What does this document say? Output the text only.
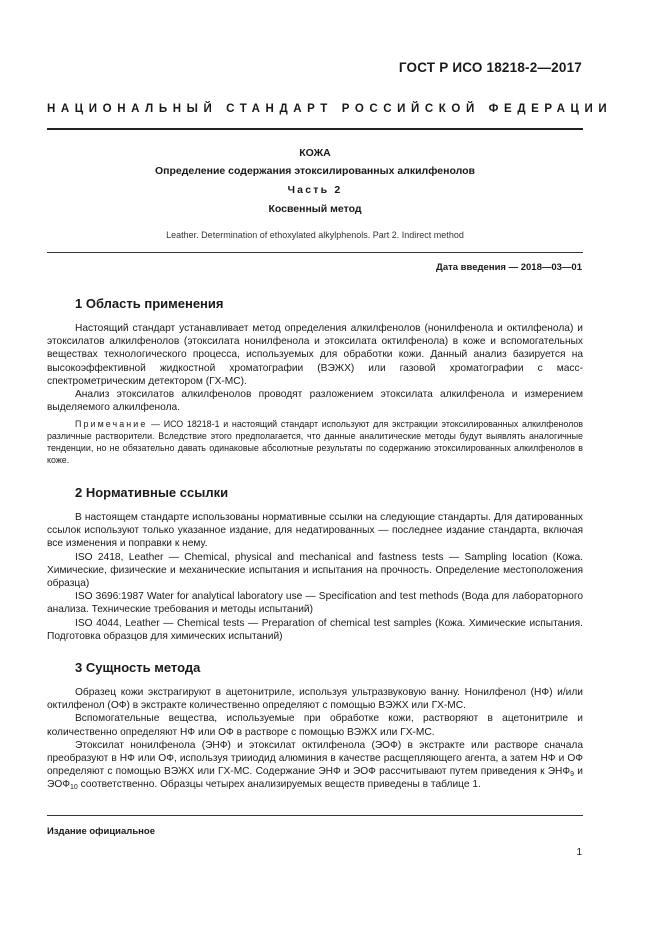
ГОСТ Р ИСО 18218-2—2017
НАЦИОНАЛЬНЫЙ СТАНДАРТ РОССИЙСКОЙ ФЕДЕРАЦИИ
КОЖА
Определение содержания этоксилированных алкилфенолов
Часть 2
Косвенный метод
Leather. Determination of ethoxylated alkylphenols. Part 2. Indirect method
Дата введения — 2018—03—01
1 Область применения

Настоящий стандарт устанавливает метод определения алкилфенолов (нонилфенола и октилфенола) и этоксилатов алкилфенолов (этоксилата нонилфенола и этоксилата октилфенола) в коже и вспомогательных веществах технологического процесса, используемых для обработки кожи. Данный анализ базируется на высокоэффективной жидкостной хроматографии (ВЭЖХ) или газовой хроматографии с масс-спектрометрическим детектором (ГХ-МС).

Анализ этоксилатов алкилфенолов проводят разложением этоксилата алкилфенола и измерением выделяемого алкилфенола.

Примечание — ИСО 18218-1 и настоящий стандарт используют для экстракции этоксилированных алкилфенолов различные растворители. Вследствие этого предполагается, что данные аналитические методы будут выявлять аналогичные тенденции, но не обязательно давать одинаковые абсолютные результаты по содержанию этоксилированных алкилфенолов в коже.

2 Нормативные ссылки

В настоящем стандарте использованы нормативные ссылки на следующие стандарты. Для датированных ссылок используют только указанное издание, для недатированных — последнее издание стандарта, включая все изменения и поправки к нему.

ISO 2418, Leather — Chemical, physical and mechanical and fastness tests — Sampling location (Кожа. Химические, физические и механические испытания и испытания на прочность. Определение местоположения образца)

ISO 3696:1987 Water for analytical laboratory use — Specification and test methods (Вода для лабораторного анализа. Технические требования и методы испытаний)

ISO 4044, Leather — Chemical tests — Preparation of chemical test samples (Кожа. Химические испытания. Подготовка образцов для химических испытаний)

3 Сущность метода

Образец кожи экстрагируют в ацетонитриле, используя ультразвуковую ванну. Нонилфенол (НФ) и/или октилфенол (ОФ) в экстракте количественно определяют с помощью ВЭЖХ или ГХ-МС.

Вспомогательные вещества, используемые при обработке кожи, растворяют в ацетонитриле и количественно определяют НФ или ОФ в растворе с помощью ВЭЖХ или ГХ-МС.

Этоксилат нонилфенола (ЭНФ) и этоксилат октилфенола (ЭОФ) в экстракте или растворе сначала преобразуют в НФ или ОФ, используя трииодид алюминия в качестве расщепляющего агента, а затем НФ и ОФ определяют с помощью ВЭЖХ или ГХ-МС. Содержание ЭНФ и ЭОФ рассчитывают путем приведения к $ЭНФ_9$ и $ЭОФ_{10}$ соответственно. Образцы четырех анализируемых веществ приведены в таблице 1.

Издание официальное
1
